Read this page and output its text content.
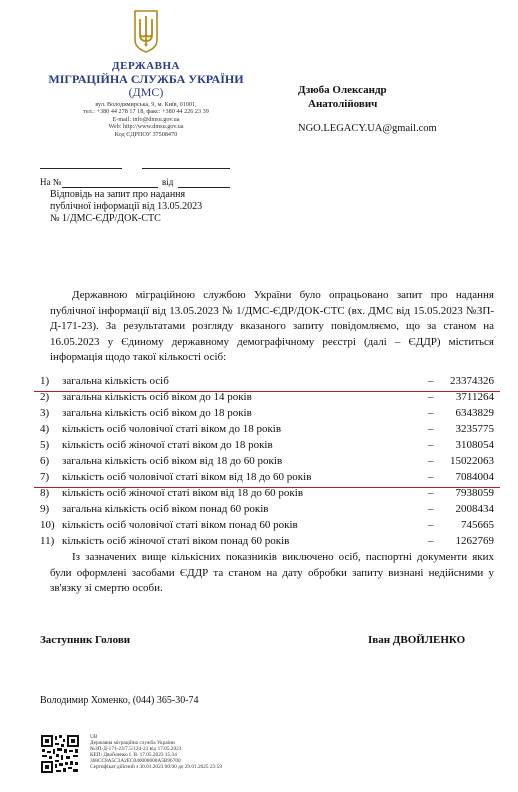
ДЕРЖАВНА
МІГРАЦІЙНА СЛУЖБА УКРАЇНИ
(ДМС)
вул. Володимирська, 9, м. Київ, 01001,
тел.: +380 44 278 17 18, факс: +380 44 226 23 39
E-mail: info@dmsu.gov.ua
Web: http://www.dmsu.gov.ua
Код ЄДРПОУ 37508470
Дзюба Олександр
Анатолійович
NGO.LEGACY.UA@gmail.com
На №	від
Відповідь на запит про надання
публічної інформації від 13.05.2023
№ 1/ДМС-ЄДР/ДОК-СТС
Державною міграційною службою України було опрацьовано запит про надання публічної інформації від 13.05.2023 № 1/ДМС-ЄДР/ДОК-СТС (вх. ДМС від 15.05.2023 №ЗП-Д-171-23). За результатами розгляду вказаного запиту повідомляємо, що за станом на 16.05.2023 у Єдиному державному демографічному реєстрі (далі – ЄДДР) міститься інформація щодо такої кількості осіб:
1) загальна кількість осіб	– 23374326
2) загальна кількість осіб віком до 14 років	– 3711264
3) загальна кількість осіб віком до 18 років	– 6343829
4) кількість осіб чоловічої статі віком до 18 років	– 3235775
5) кількість осіб жіночої статі віком до 18 років	– 3108054
6) загальна кількість осіб віком від 18 до 60 років	– 15022063
7) кількість осіб чоловічої статі віком від 18 до 60 років	– 7084004
8) кількість осіб жіночої статі віком від 18 до 60 років	– 7938059
9) загальна кількість осіб віком понад 60 років	– 2008434
10) кількість осіб чоловічої статі віком понад 60 років	–	745665
11) кількість осіб жіночої статі віком понад 60 років	– 1262769
Із зазначених вище кількісних показників виключено осіб, паспортні документи яких були оформлені засобами ЄДДР та станом на дату обробки запиту визнані недійсними у зв'язку зі смертю особи.
Заступник Голови	Іван ДВОЙЛЕНКО
Володимир Хоменко, (044) 365-30-74
UB
Державна міграційна служба України
№ЗП-Д-171-23/7.5/124-23 від 17.05.2023
КЕП: Двойленко І. В. 17.05.2023 15:34
368CC8A5C3A2EC040000000A5B96700
Сертифікат дійсний з 30.01.2023 00:00 до 29.01.2025 23:59
